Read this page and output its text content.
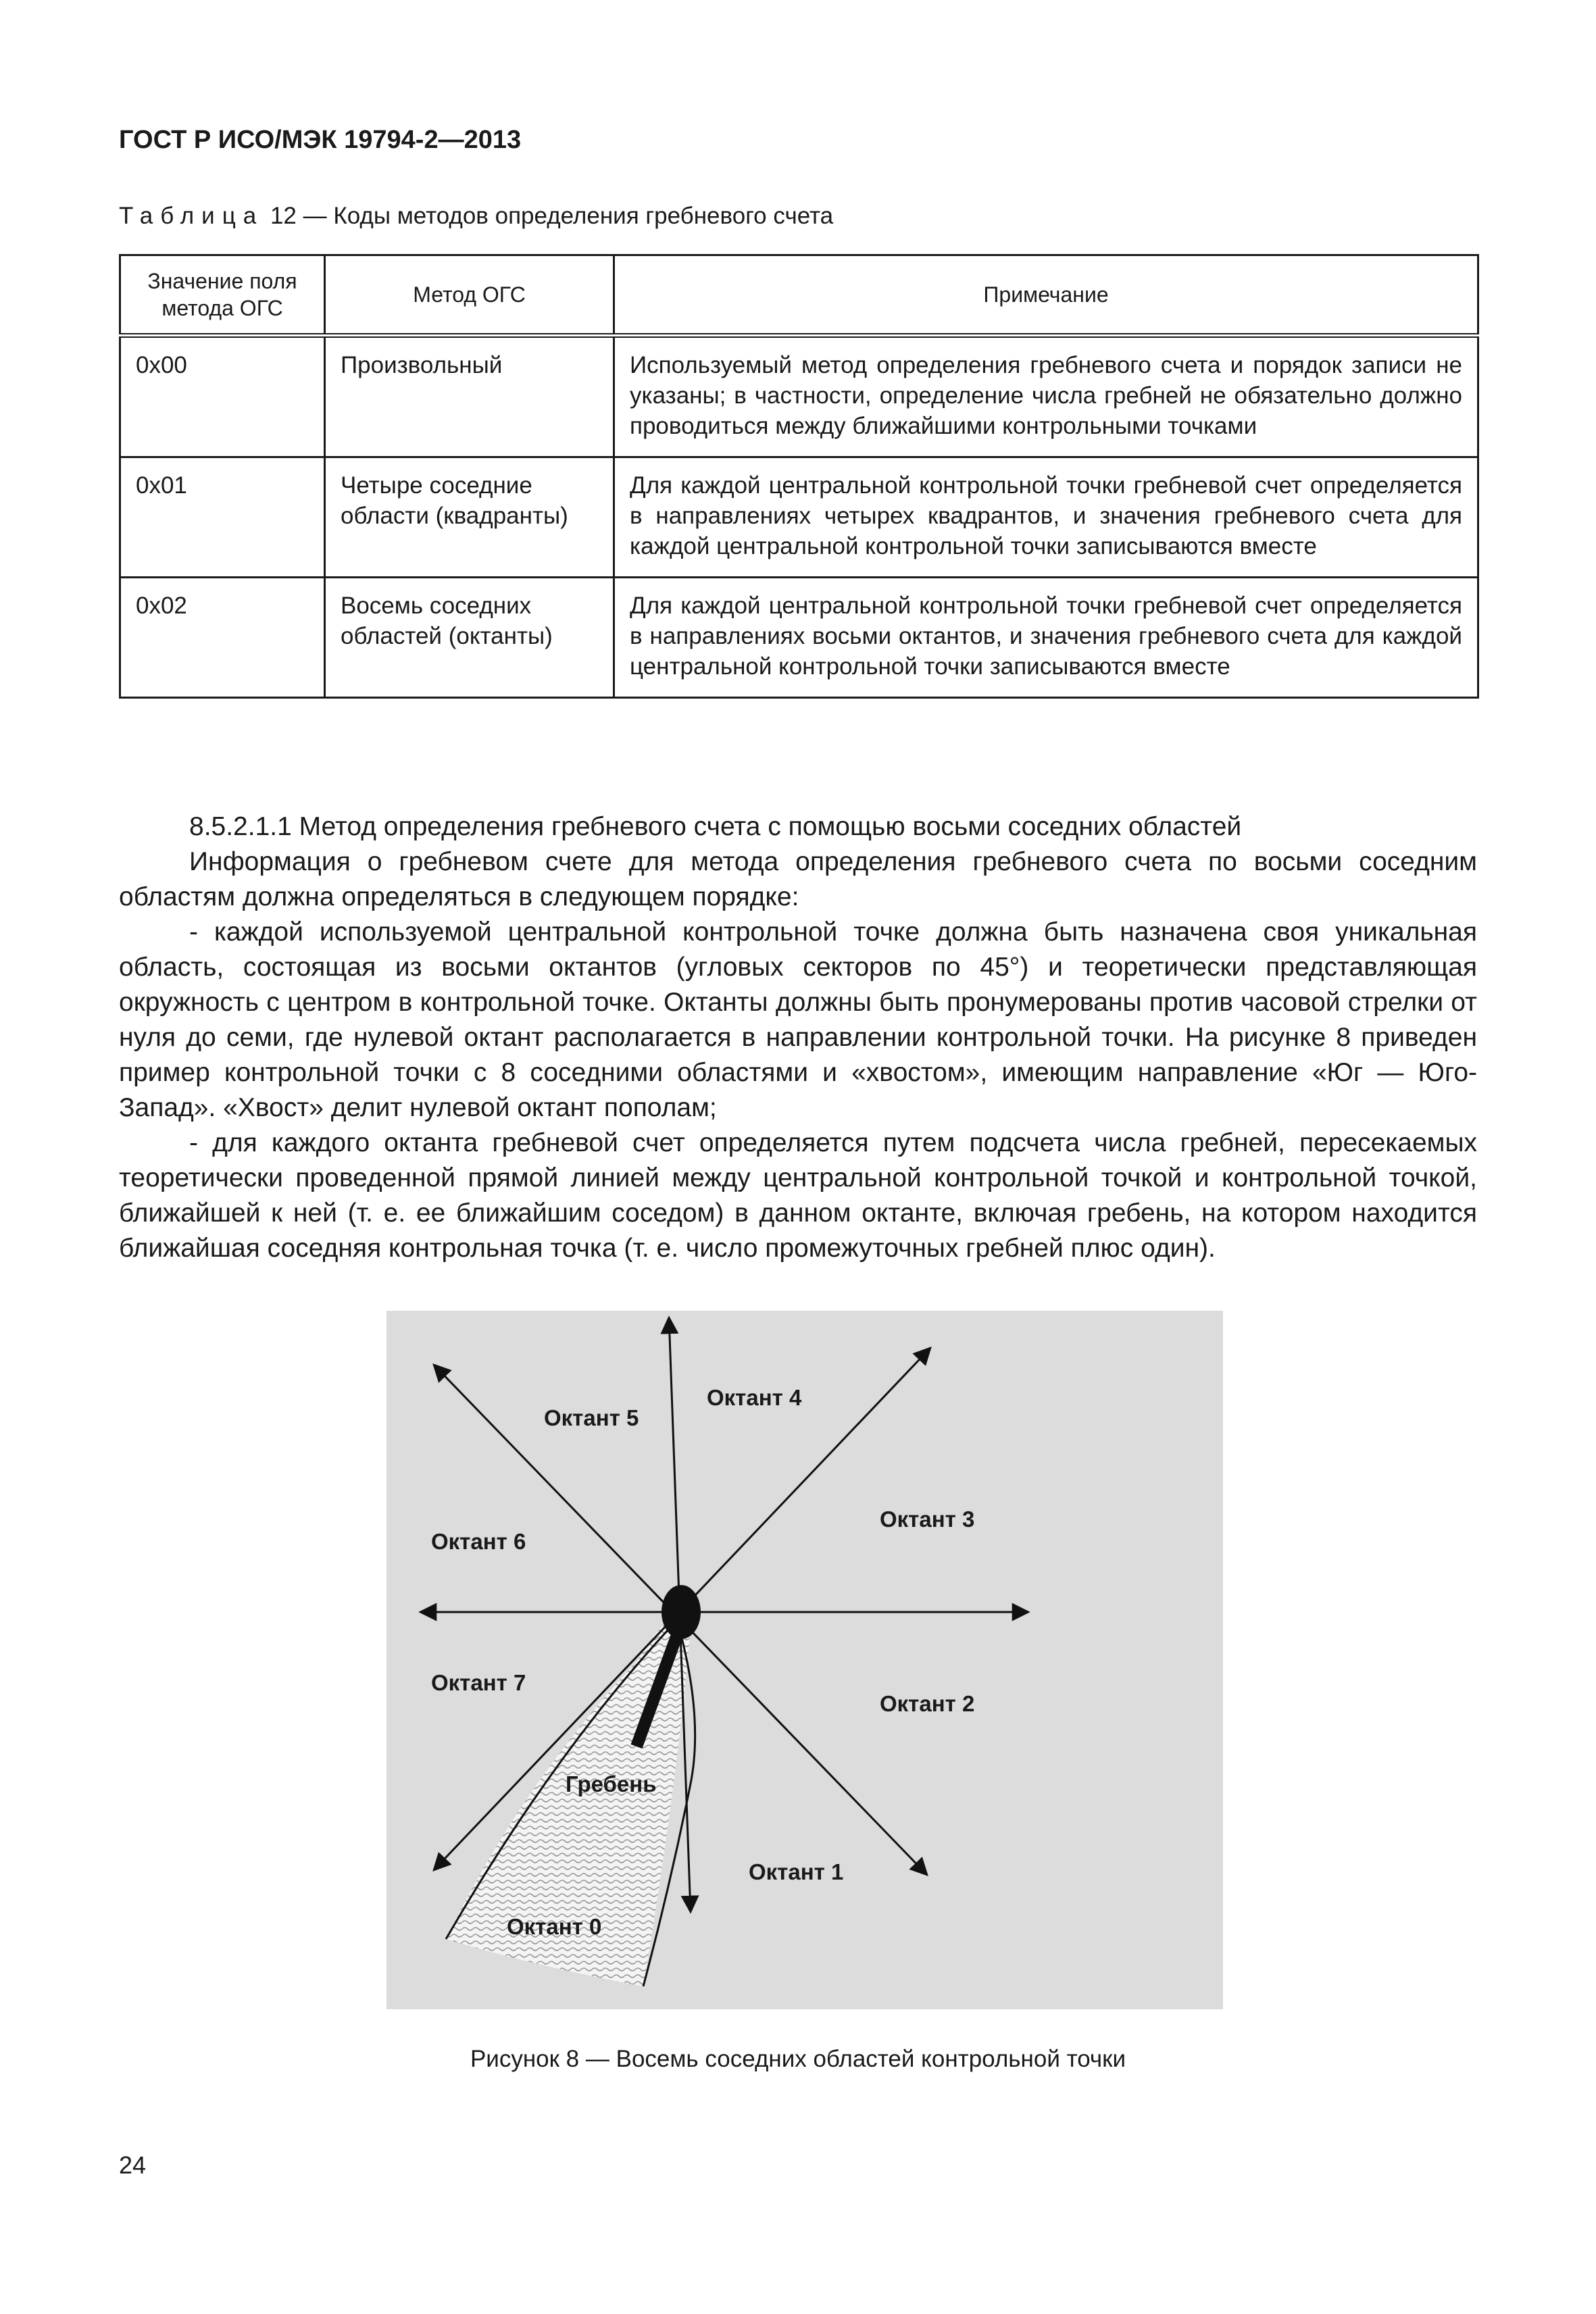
ГОСТ Р ИСО/МЭК 19794-2—2013
Таблица 12 — Коды методов определения гребневого счета
Значение поля метода ОГС	Метод ОГС	Примечание
0x00	Произвольный	Используемый метод определения гребневого счета и порядок записи не указаны; в частности, определение числа гребней не обязательно должно проводиться между ближайшими контрольными точками
0x01	Четыре соседние области (квадранты)	Для каждой центральной контрольной точки гребневой счет определяется в направлениях четырех квадрантов, и значения гребневого счета для каждой центральной контрольной точки записываются вместе
0x02	Восемь соседних областей (октанты)	Для каждой центральной контрольной точки гребневой счет определяется в направлениях восьми октантов, и значения гребневого счета для каждой центральной контрольной точки записываются вместе

8.5.2.1.1 Метод определения гребневого счета с помощью восьми соседних областей

Информация о гребневом счете для метода определения гребневого счета по восьми соседним областям должна определяться в следующем порядке:

- каждой используемой центральной контрольной точке должна быть назначена своя уникальная область, состоящая из восьми октантов (угловых секторов по 45°) и теоретически представляющая окружность с центром в контрольной точке. Октанты должны быть пронумерованы против часовой стрелки от нуля до семи, где нулевой октант располагается в направлении контрольной точки. На рисунке 8 приведен пример контрольной точки с 8 соседними областями и «хвостом», имеющим направление «Юг — Юго-Запад». «Хвост» делит нулевой октант пополам;

- для каждого октанта гребневой счет определяется путем подсчета числа гребней, пересекаемых теоретически проведенной прямой линией между центральной контрольной точкой и контрольной точкой, ближайшей к ней (т. е. ее ближайшим соседом) в данном октанте, включая гребень, на котором находится ближайшая соседняя контрольная точка (т. е. число промежуточных гребней плюс один).

Октант 5
Октант 4
Октант 3
Октант 6
Октант 7
Октант 2
Гребень
Октант 1
Октант 0
Рисунок 8 — Восемь соседних областей контрольной точки
24
